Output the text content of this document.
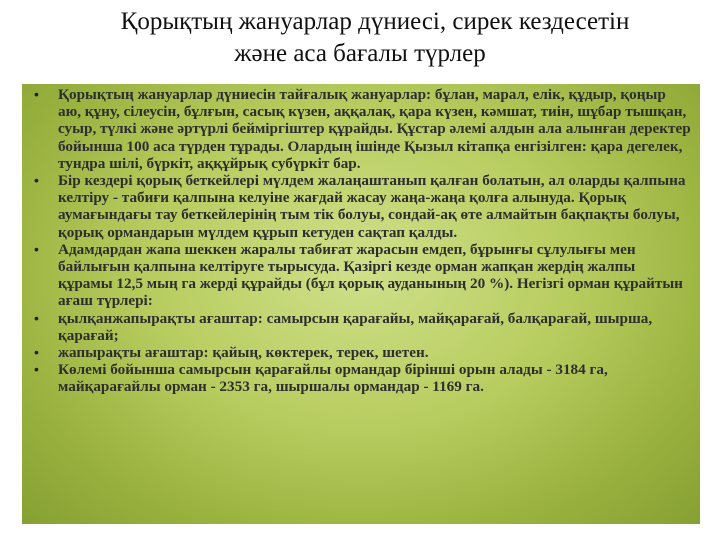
Қорықтың жануарлар дүниесі, сирек кездесетін
және аса бағалы түрлер
• Қорықтың жануарлар дүниесін тайғалық жануарлар: бұлан, марал, елік, құдыр, қоңыр аю, құну, сілеусін, бұлғын, сасық күзен, аққалақ, қара күзен, кәмшат, тиін, шұбар тышқан, суыр, түлкі және әртүрлі бейміргіштер құрайды. Құстар әлемі алдын ала алынған деректер бойынша 100 аса түрден тұрады. Олардың ішінде Қызыл кітапқа енгізілген: қара дегелек, тундра шілі, бүркіт, аққұйрық субүркіт бар.
• Бір кездері қорық беткейлері мүлдем жалаңаштанып қалған болатын, ал оларды қалпына келтіру - табиғи қалпына келуіне жағдай жасау жаңа-жаңа қолға алынуда. Қорық аумағындағы тау беткейлерінің тым тік болуы, сондай-ақ өте алмайтын бақпақты болуы, қорық ормандарын мүлдем құрып кетуден сақтап қалды.
• Адамдардан жапа шеккен жаралы табиғат жарасын емдеп, бұрынғы сұлулығы мен байлығын қалпына келтіруге тырысуда. Қазіргі кезде орман жапқан жердің жалпы құрамы 12,5 мың га жерді құрайды (бұл қорық ауданының 20 %). Негізгі орман құрайтын ағаш түрлері:
• қылқанжапырақты ағаштар: самырсын қарағайы, майқарағай, балқарағай, шырша, қарағай;
• жапырақты ағаштар: қайың, көктерек, терек, шетен.
• Көлемі бойынша самырсын қарағайлы ормандар бірінші орын алады - 3184 га, майқарағайлы орман - 2353 га, шыршалы ормандар - 1169 га.
